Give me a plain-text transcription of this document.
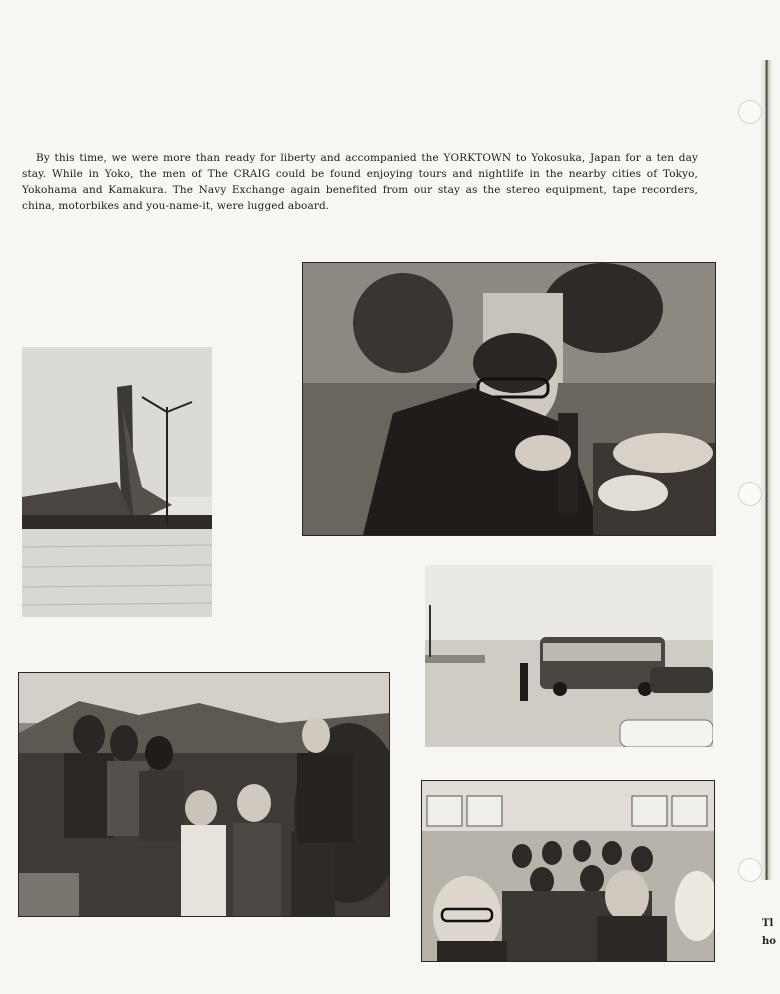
By this time, we were more than ready for liberty and accompanied the YORKTOWN to Yokosuka, Japan for a ten day stay. While in Yoko, the men of The CRAIG could be found enjoying tours and nightlife in the nearby cities of Tokyo, Yokohama and Kamakura. The Navy Exchange again benefited from our stay as the stereo equipment, tape recorders, china, motorbikes and you-name-it, were lugged aboard.

Tl
ho
